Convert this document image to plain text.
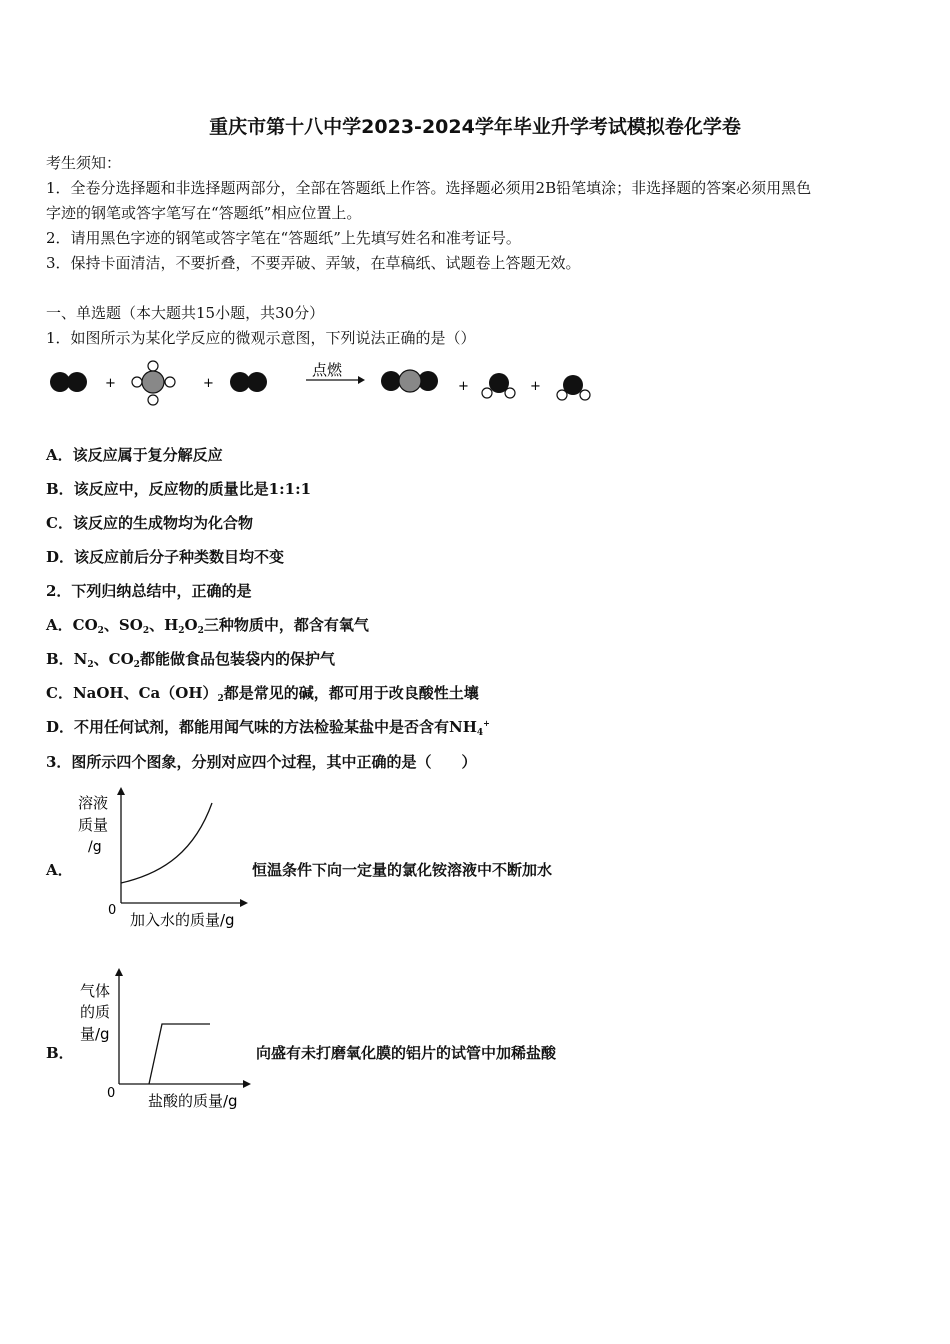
重庆市第十八中学2023-2024学年毕业升学考试模拟卷化学卷
考生须知：
1．全卷分选择题和非选择题两部分，全部在答题纸上作答。选择题必须用2B铅笔填涂；非选择题的答案必须用黑色
字迹的钢笔或答字笔写在“答题纸”相应位置上。
2．请用黑色字迹的钢笔或答字笔在“答题纸”上先填写姓名和准考证号。
3．保持卡面清洁，不要折叠，不要弄破、弄皱，在草稿纸、试题卷上答题无效。
一、单选题（本大题共15小题，共30分）
1．如图所示为某化学反应的微观示意图，下列说法正确的是（）
+	+
点燃
+	+
A．该反应属于复分解反应
B．该反应中，反应物的质量比是1:1:1
C．该反应的生成物均为化合物
D．该反应前后分子种类数目均不变
2．下列归纳总结中，正确的是
A．$CO_2$、$SO_2$、$H_2O_2$三种物质中，都含有氧气
B．$N_2$、$CO_2$都能做食品包装袋内的保护气
C．NaOH、$Ca(OH)_2$都是常见的碱，都可用于改良酸性土壤
D．不用任何试剂，都能用闻气味的方法检验某盐中是否含有$NH_4^+$
3．图所示四个图象，分别对应四个过程，其中正确的是（　　）
A．
溶液
质量
/g
0
加入水的质量/g
恒温条件下向一定量的氯化铵溶液中不断加水
B．
气体
的质
量/g
0 盐酸的质量/g
向盛有未打磨氧化膜的铝片的试管中加稀盐酸
